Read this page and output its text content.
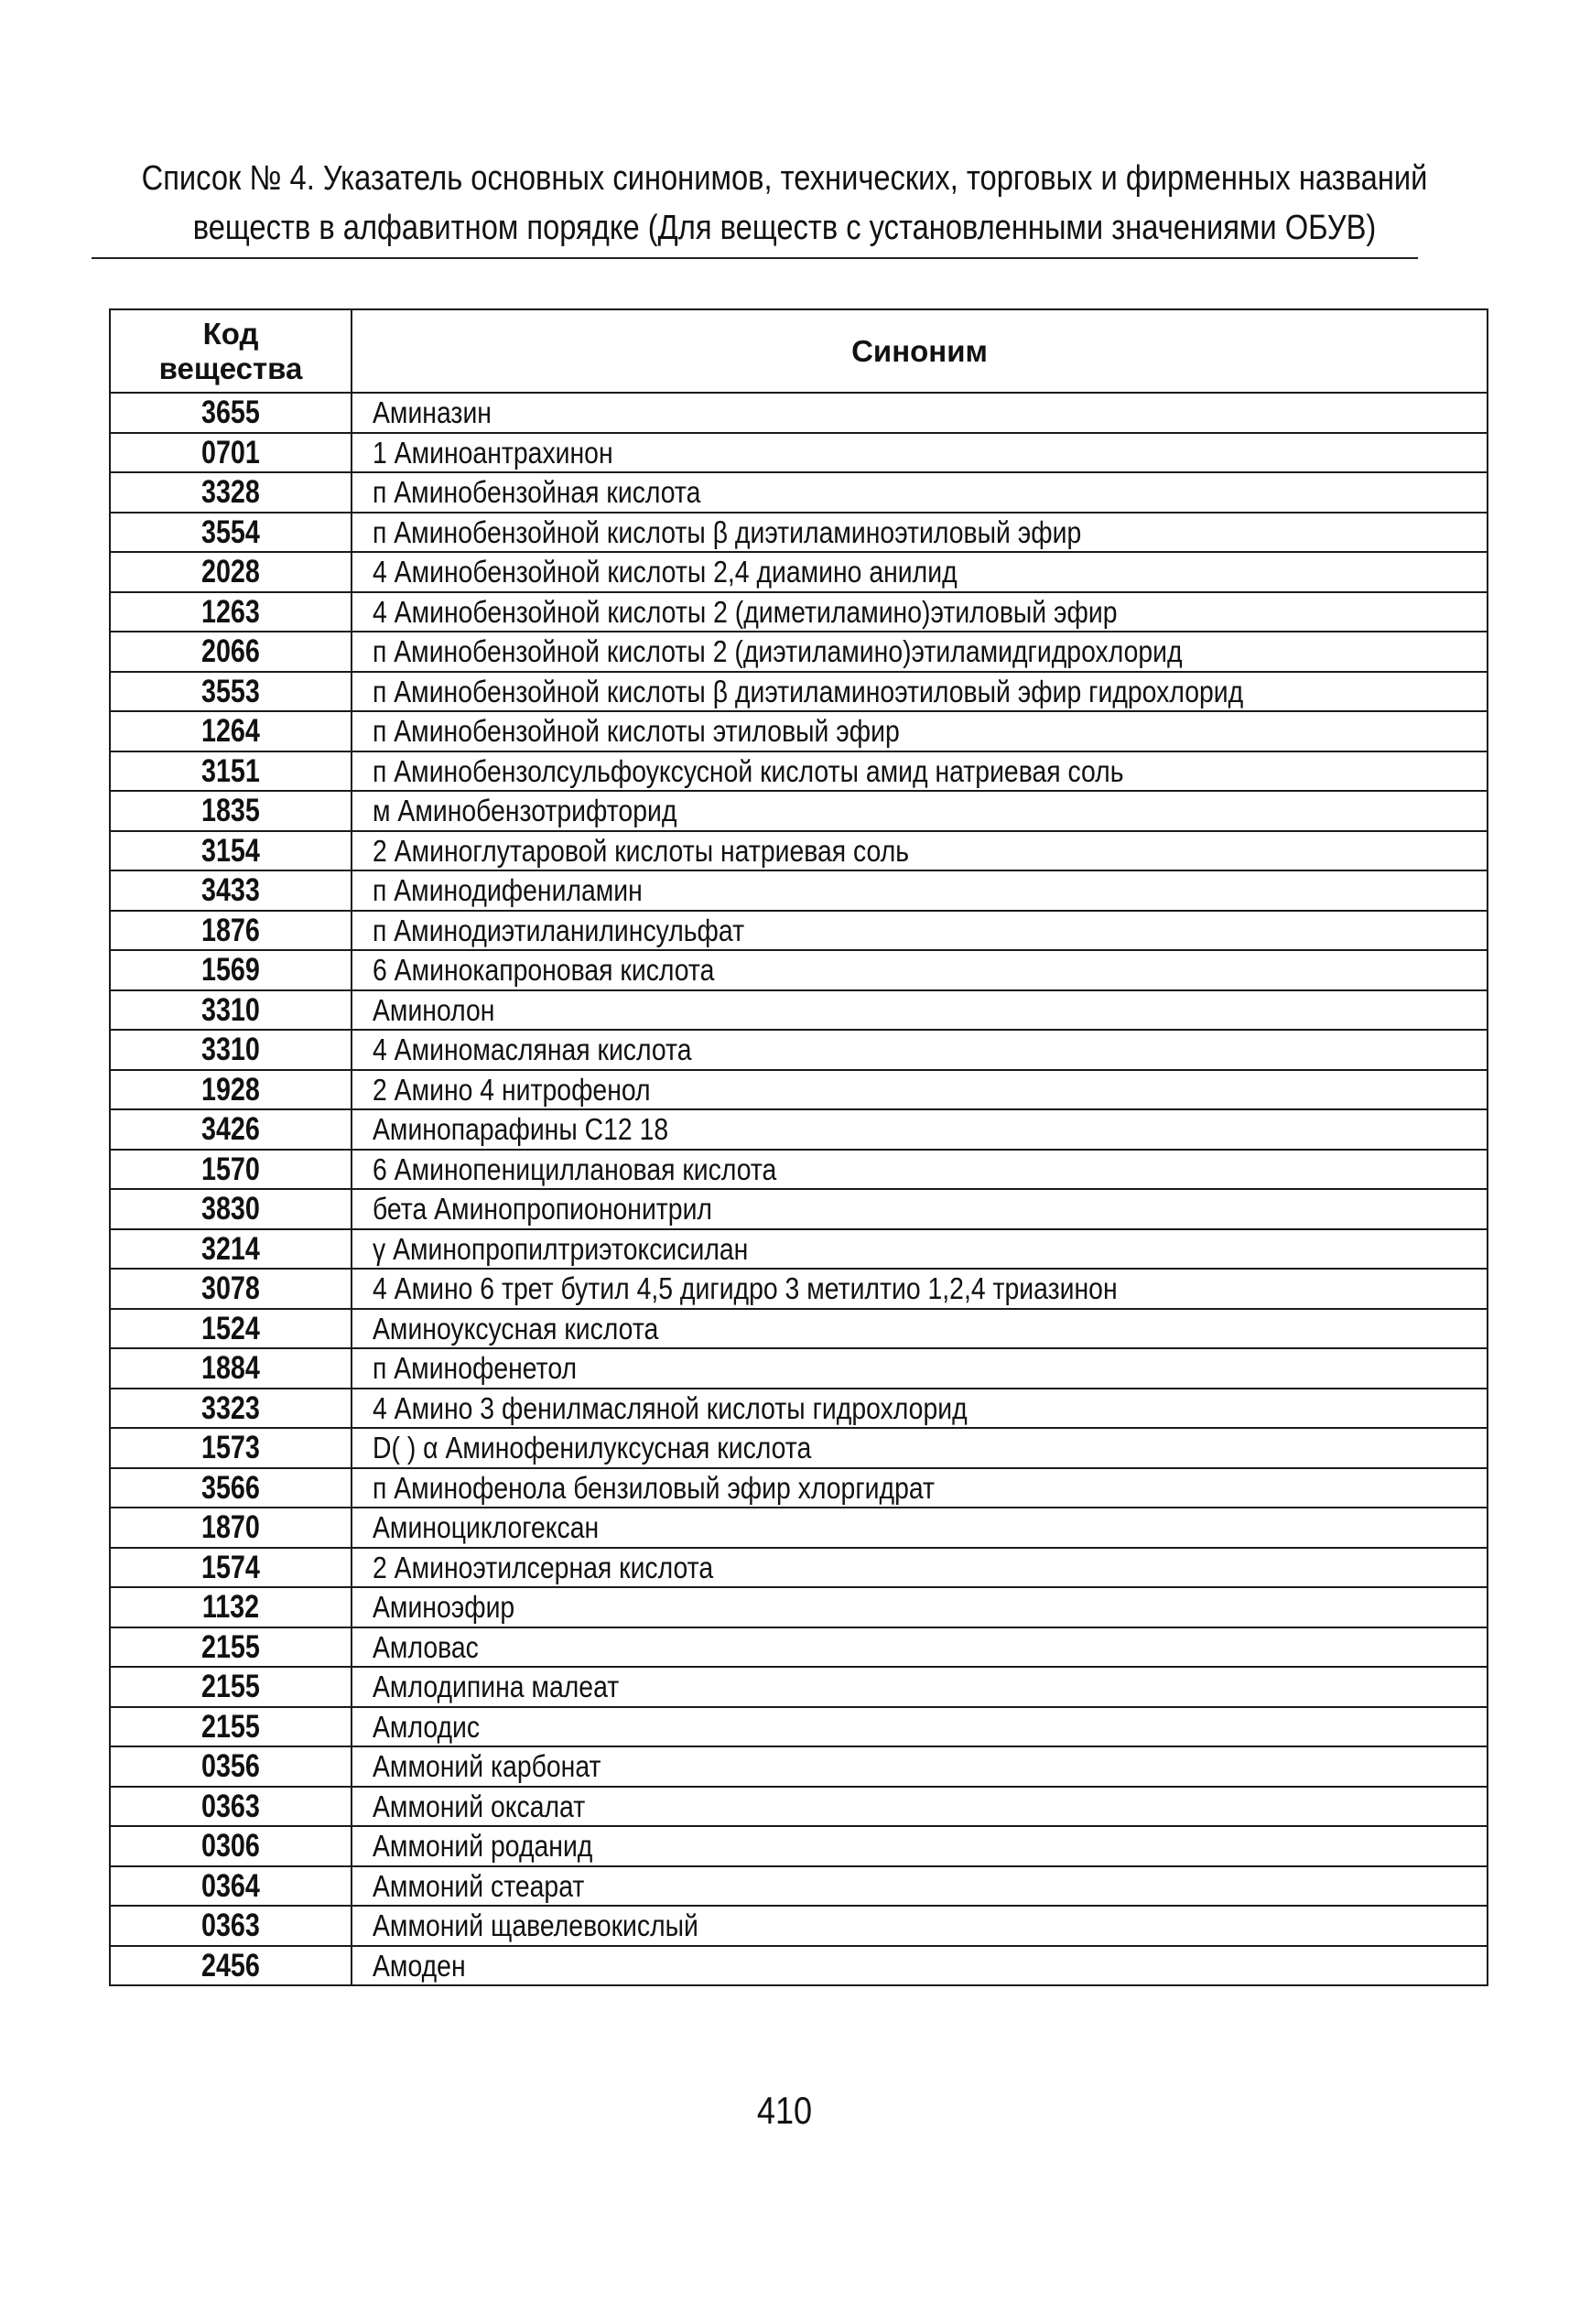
Список № 4. Указатель основных синонимов, технических, торговых и фирменных названий
веществ в алфавитном порядке (Для веществ с установленными значениями ОБУВ)
Код
вещества	Синоним
3655	Аминазин
0701	1 Аминоантрахинон
3328	п Аминобензойная кислота
3554	п Аминобензойной кислоты β диэтиламиноэтиловый эфир
2028	4 Аминобензойной кислоты 2,4 диамино анилид
1263	4 Аминобензойной кислоты 2 (диметиламино)этиловый эфир
2066	п Аминобензойной кислоты 2 (диэтиламино)этиламидгидрохлорид
3553	п Аминобензойной кислоты β диэтиламиноэтиловый эфир гидрохлорид
1264	п Аминобензойной кислоты этиловый эфир
3151	п Аминобензолсульфоуксусной кислоты амид натриевая соль
1835	м Аминобензотрифторид
3154	2 Аминоглутаровой кислоты натриевая соль
3433	п Аминодифениламин
1876	п Аминодиэтиланилинсульфат
1569	6 Аминокапроновая кислота
3310	Аминолон
3310	4 Аминомасляная кислота
1928	2 Амино 4 нитрофенол
3426	Аминопарафины С12 18
1570	6 Аминопенициллановая кислота
3830	бета Аминопропиононитрил
3214	γ Аминопропилтриэтоксисилан
3078	4 Амино 6 трет бутил 4,5 дигидро 3 метилтио 1,2,4 триазинон
1524	Аминоуксусная кислота
1884	п Аминофенетол
3323	4 Амино 3 фенилмасляной кислоты гидрохлорид
1573	D( ) α Аминофенилуксусная кислота
3566	п Аминофенола бензиловый эфир хлоргидрат
1870	Аминоциклогексан
1574	2 Аминоэтилсерная кислота
1132	Аминоэфир
2155	Амловас
2155	Амлодипина малеат
2155	Амлодис
0356	Аммоний карбонат
0363	Аммоний оксалат
0306	Аммоний роданид
0364	Аммоний стеарат
0363	Аммоний щавелевокислый
2456	Амоден
410
